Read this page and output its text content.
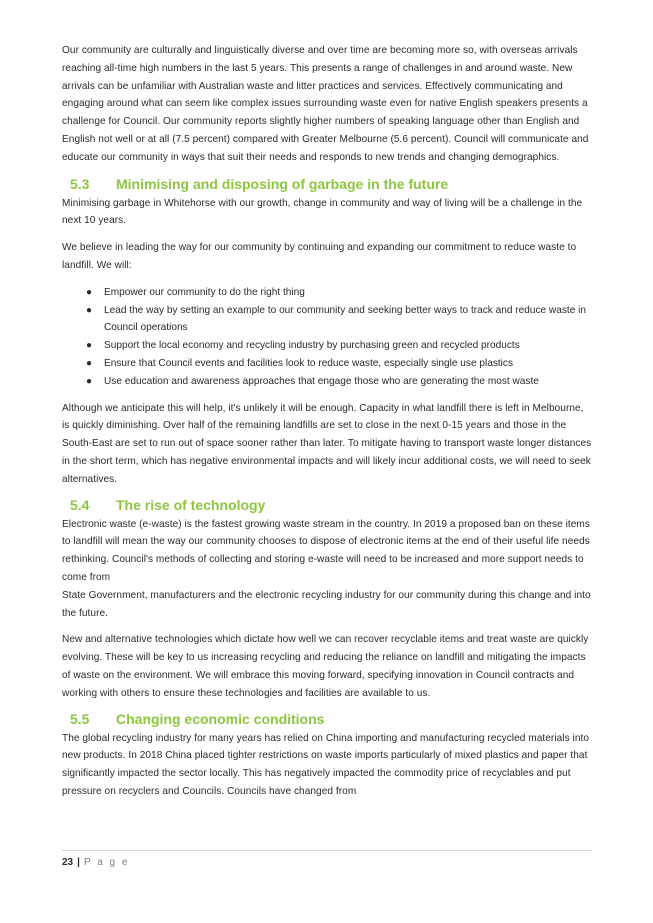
Our community are culturally and linguistically diverse and over time are becoming more so, with overseas arrivals reaching all-time high numbers in the last 5 years. This presents a range of challenges in and around waste. New arrivals can be unfamiliar with Australian waste and litter practices and services. Effectively communicating and engaging around what can seem like complex issues surrounding waste even for native English speakers presents a challenge for Council. Our community reports slightly higher numbers of speaking language other than English and English not well or at all (7.5 percent) compared with Greater Melbourne (5.6 percent). Council will communicate and educate our community in ways that suit their needs and responds to new trends and changing demographics.

5.3	Minimising and disposing of garbage in the future

Minimising garbage in Whitehorse with our growth, change in community and way of living will be a challenge in the next 10 years.

We believe in leading the way for our community by continuing and expanding our commitment to reduce waste to landfill. We will:

● Empower our community to do the right thing
● Lead the way by setting an example to our community and seeking better ways to track and reduce waste in Council operations
● Support the local economy and recycling industry by purchasing green and recycled products
● Ensure that Council events and facilities look to reduce waste, especially single use plastics
● Use education and awareness approaches that engage those who are generating the most waste

Although we anticipate this will help, it's unlikely it will be enough. Capacity in what landfill there is left in Melbourne, is quickly diminishing. Over half of the remaining landfills are set to close in the next 0-15 years and those in the South-East are set to run out of space sooner rather than later. To mitigate having to transport waste longer distances in the short term, which has negative environmental impacts and will likely incur additional costs, we will need to seek alternatives.

5.4	The rise of technology

Electronic waste (e-waste) is the fastest growing waste stream in the country. In 2019 a proposed ban on these items to landfill will mean the way our community chooses to dispose of electronic items at the end of their useful life needs rethinking. Council's methods of collecting and storing e-waste will need to be increased and more support needs to come from

State Government, manufacturers and the electronic recycling industry for our community during this change and into the future.

New and alternative technologies which dictate how well we can recover recyclable items and treat waste are quickly evolving. These will be key to us increasing recycling and reducing the reliance on landfill and mitigating the impacts of waste on the environment. We will embrace this moving forward, specifying innovation in Council contracts and working with others to ensure these technologies and facilities are available to us.

5.5	Changing economic conditions

The global recycling industry for many years has relied on China importing and manufacturing recycled materials into new products. In 2018 China placed tighter restrictions on waste imports particularly of mixed plastics and paper that significantly impacted the sector locally. This has negatively impacted the commodity price of recyclables and put pressure on recyclers and Councils. Councils have changed from

23 | P a g e
